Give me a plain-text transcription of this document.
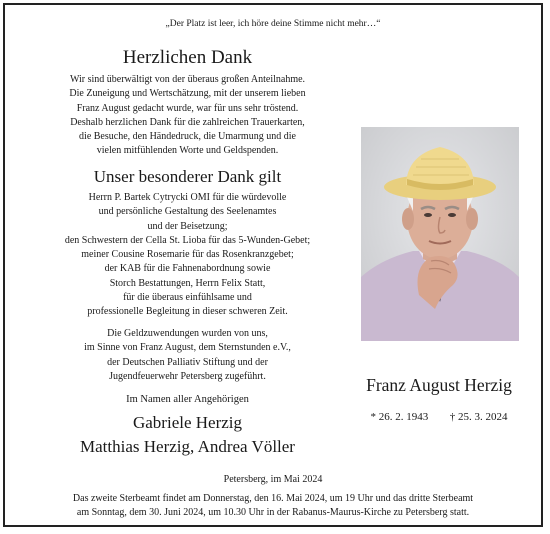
„Der Platz ist leer, ich höre deine Stimme nicht mehr…“
Herzlichen Dank
Wir sind überwältigt von der überaus großen Anteilnahme.
Die Zuneigung und Wertschätzung, mit der unserem lieben
Franz August gedacht wurde, war für uns sehr tröstend.
Deshalb herzlichen Dank für die zahlreichen Trauerkarten,
die Besuche, den Händedruck, die Umarmung und die
vielen mitfühlenden Worte und Geldspenden.
Unser besonderer Dank gilt
Herrn P. Bartek Cytrycki OMI für die würdevolle
und persönliche Gestaltung des Seelenamtes
und der Beisetzung;
den Schwestern der Cella St. Lioba für das 5-Wunden-Gebet;
meiner Cousine Rosemarie für das Rosenkranzgebet;
der KAB für die Fahnenabordnung sowie
Storch Bestattungen, Herrn Felix Statt,
für die überaus einfühlsame und
professionelle Begleitung in dieser schweren Zeit.
Die Geldzuwendungen wurden von uns,
im Sinne von Franz August, dem Sternstunden e.V.,
der Deutschen Palliativ Stiftung und der
Jugendfeuerwehr Petersberg zugeführt.
Im Namen aller Angehörigen
Gabriele Herzig
Matthias Herzig, Andrea Völler
Franz August Herzig
* 26. 2. 1943 † 25. 3. 2024
Petersberg, im Mai 2024
Das zweite Sterbeamt findet am Donnerstag, den 16. Mai 2024, um 19 Uhr und das dritte Sterbeamt
am Sonntag, dem 30. Juni 2024, um 10.30 Uhr in der Rabanus-Maurus-Kirche zu Petersberg statt.
